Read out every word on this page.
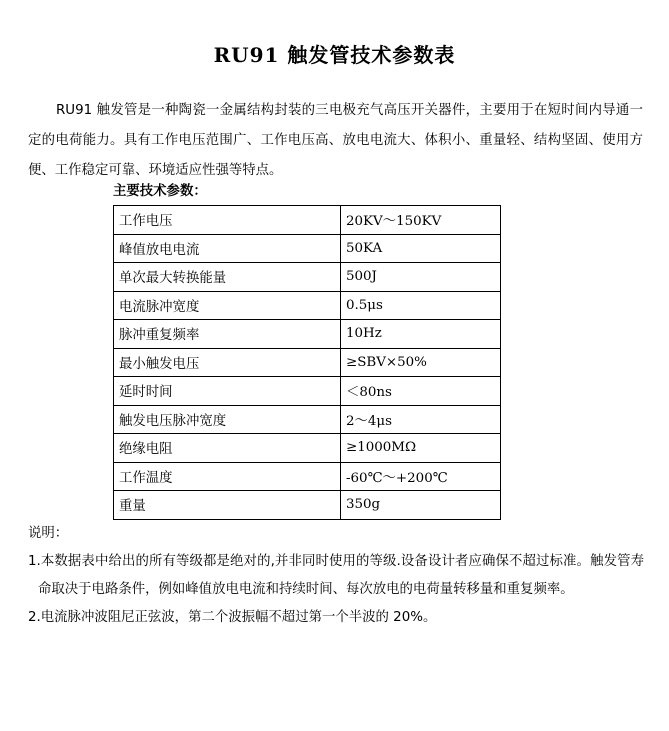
RU91 触发管技术参数表

RU91 触发管是一种陶瓷一金属结构封装的三电极充气高压开关器件，主要用于在短时间内导通一定的电荷能力。具有工作电压范围广、工作电压高、放电电流大、体积小、重量轻、结构坚固、使用方便、工作稳定可靠、环境适应性强等特点。

主要技术参数：
工作电压	20KV～150KV
峰值放电电流	50KA
单次最大转换能量	500J
电流脉冲宽度	0.5μs
脉冲重复频率	10Hz
最小触发电压	≥SBV×50%
延时时间	＜80ns
触发电压脉冲宽度	2～4μs
绝缘电阻	≥1000MΩ
工作温度	-60℃～+200℃
重量	350g
说明：
1.本数据表中给出的所有等级都是绝对的,并非同时使用的等级.设备设计者应确保不超过标准。触发管寿命取决于电路条件，例如峰值放电电流和持续时间、每次放电的电荷量转移量和重复频率。
2.电流脉冲波阻尼正弦波，第二个波振幅不超过第一个半波的 20%。
